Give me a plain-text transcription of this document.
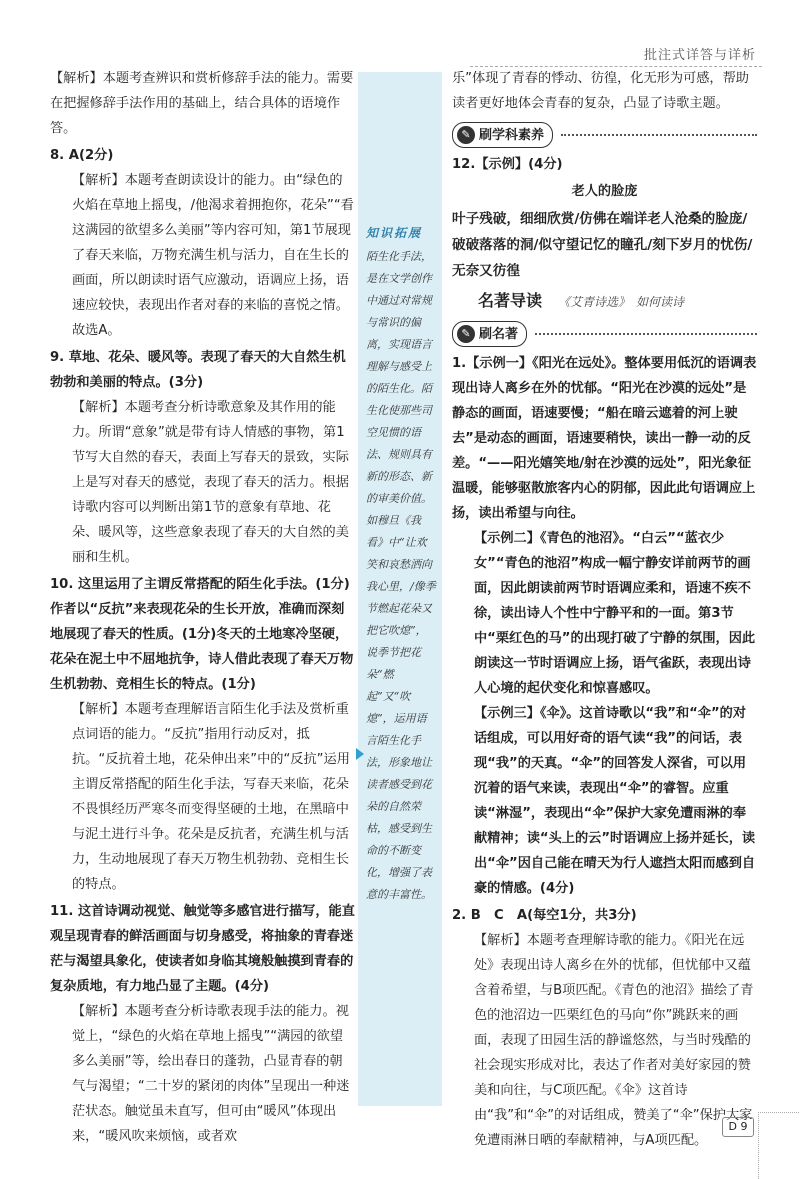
批注式详答与详析

【解析】本题考查辨识和赏析修辞手法的能力。需要在把握修辞手法作用的基础上，结合具体的语境作答。

8. A(2分)

【解析】本题考查朗读设计的能力。由“绿色的火焰在草地上摇曳，/他渴求着拥抱你，花朵”“看这满园的欲望多么美丽”等内容可知，第1节展现了春天来临，万物充满生机与活力，自在生长的画面，所以朗读时语气应激动，语调应上扬，语速应较快，表现出作者对春的来临的喜悦之情。故选A。

9. 草地、花朵、暖风等。表现了春天的大自然生机勃勃和美丽的特点。(3分)

【解析】本题考查分析诗歌意象及其作用的能力。所谓“意象”就是带有诗人情感的事物，第1节写大自然的春天，表面上写春天的景致，实际上是写对春天的感觉，表现了春天的活力。根据诗歌内容可以判断出第1节的意象有草地、花朵、暖风等，这些意象表现了春天的大自然的美丽和生机。

10. 这里运用了主谓反常搭配的陌生化手法。(1分)作者以“反抗”来表现花朵的生长开放，准确而深刻地展现了春天的性质。(1分)冬天的土地寒冷坚硬，花朵在泥土中不屈地抗争，诗人借此表现了春天万物生机勃勃、竞相生长的特点。(1分)

【解析】本题考查理解语言陌生化手法及赏析重点词语的能力。“反抗”指用行动反对，抵抗。“反抗着土地，花朵伸出来”中的“反抗”运用主谓反常搭配的陌生化手法，写春天来临，花朵不畏惧经历严寒冬而变得坚硬的土地，在黑暗中与泥土进行斗争。花朵是反抗者，充满生机与活力，生动地展现了春天万物生机勃勃、竞相生长的特点。

11. 这首诗调动视觉、触觉等多感官进行描写，能直观呈现青春的鲜活画面与切身感受，将抽象的青春迷茫与渴望具象化，使读者如身临其境般触摸到青春的复杂质地，有力地凸显了主题。(4分)

【解析】本题考查分析诗歌表现手法的能力。视觉上，“绿色的火焰在草地上摇曳”“满园的欲望多么美丽”等，绘出春日的蓬勃，凸显青春的朝气与渴望；“二十岁的紧闭的肉体”呈现出一种迷茫状态。触觉虽未直写，但可由“暖风”体现出来，“暖风吹来烦恼，或者欢

知识拓展
陌生化手法，是在文学创作中通过对常规与常识的偏离，实现语言理解与感受上的陌生化。陌生化使那些司空见惯的语法、规则具有新的形态、新的审美价值。如穆旦《我看》中“让欢笑和哀愁洒向我心里，/像季节燃起花朵又把它吹熄”，说季节把花朵“燃起”又“吹熄”，运用语言陌生化手法，形象地让读者感受到花朵的自然荣枯，感受到生命的不断变化，增强了表意的丰富性。

乐”体现了青春的悸动、彷徨，化无形为可感，帮助读者更好地体会青春的复杂，凸显了诗歌主题。

✎ 刷学科素养

12.【示例】(4分)

老人的脸庞

叶子残破，细细欣赏/仿佛在端详老人沧桑的脸庞/破破落落的洞/似守望记忆的瞳孔/刻下岁月的忧伤/无奈又彷徨

名著导读 《艾青诗选》　如何读诗
✎ 刷名著

1.【示例一】《阳光在远处》。整体要用低沉的语调表现出诗人离乡在外的忧郁。“阳光在沙漠的远处”是静态的画面，语速要慢；“船在暗云遮着的河上驶去”是动态的画面，语速要稍快，读出一静一动的反差。“——阳光嬉笑地/射在沙漠的远处”，阳光象征温暖，能够驱散旅客内心的阴郁，因此此句语调应上扬，读出希望与向往。

【示例二】《青色的池沼》。“白云”“蓝衣少女”“青色的池沼”构成一幅宁静安详前两节的画面，因此朗读前两节时语调应柔和，语速不疾不徐，读出诗人个性中宁静平和的一面。第3节中“栗红色的马”的出现打破了宁静的氛围，因此朗读这一节时语调应上扬，语气雀跃，表现出诗人心境的起伏变化和惊喜感叹。

【示例三】《伞》。这首诗歌以“我”和“伞”的对话组成，可以用好奇的语气读“我”的问话，表现“我”的天真。“伞”的回答发人深省，可以用沉着的语气来读，表现出“伞”的睿智。应重读“淋湿”，表现出“伞”保护大家免遭雨淋的奉献精神；读“头上的云”时语调应上扬并延长，读出“伞”因自己能在晴天为行人遮挡太阳而感到自豪的情感。(4分)

2. B　C　A(每空1分，共3分)

【解析】本题考查理解诗歌的能力。《阳光在远处》表现出诗人离乡在外的忧郁，但忧郁中又蕴含着希望，与B项匹配。《青色的池沼》描绘了青色的池沼边一匹栗红色的马向“你”跳跃来的画面，表现了田园生活的静谧悠然，与当时残酷的社会现实形成对比，表达了作者对美好家园的赞美和向往，与C项匹配。《伞》这首诗由“我”和“伞”的对话组成，赞美了“伞”保护大家免遭雨淋日晒的奉献精神，与A项匹配。

D 9
